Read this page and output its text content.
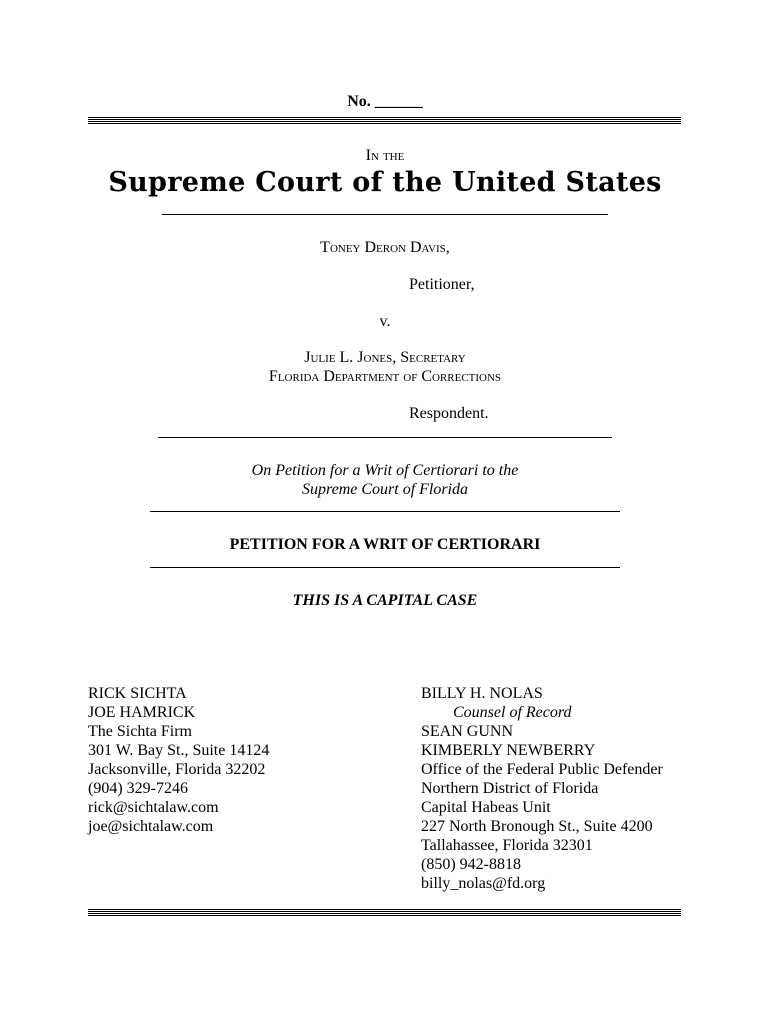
No. ______
In the
Supreme Court of the United States
Toney Deron Davis,
Petitioner,
v.
Julie L. Jones, Secretary
Florida Department of Corrections
Respondent.
On Petition for a Writ of Certiorari to the
Supreme Court of Florida
PETITION FOR A WRIT OF CERTIORARI
THIS IS A CAPITAL CASE
RICK SICHTA
JOE HAMRICK
The Sichta Firm
301 W. Bay St., Suite 14124
Jacksonville, Florida 32202
(904) 329-7246
rick@sichtalaw.com
joe@sichtalaw.com
BILLY H. NOLAS
Counsel of Record
SEAN GUNN
KIMBERLY NEWBERRY
Office of the Federal Public Defender
Northern District of Florida
Capital Habeas Unit
227 North Bronough St., Suite 4200
Tallahassee, Florida 32301
(850) 942-8818
billy_nolas@fd.org
